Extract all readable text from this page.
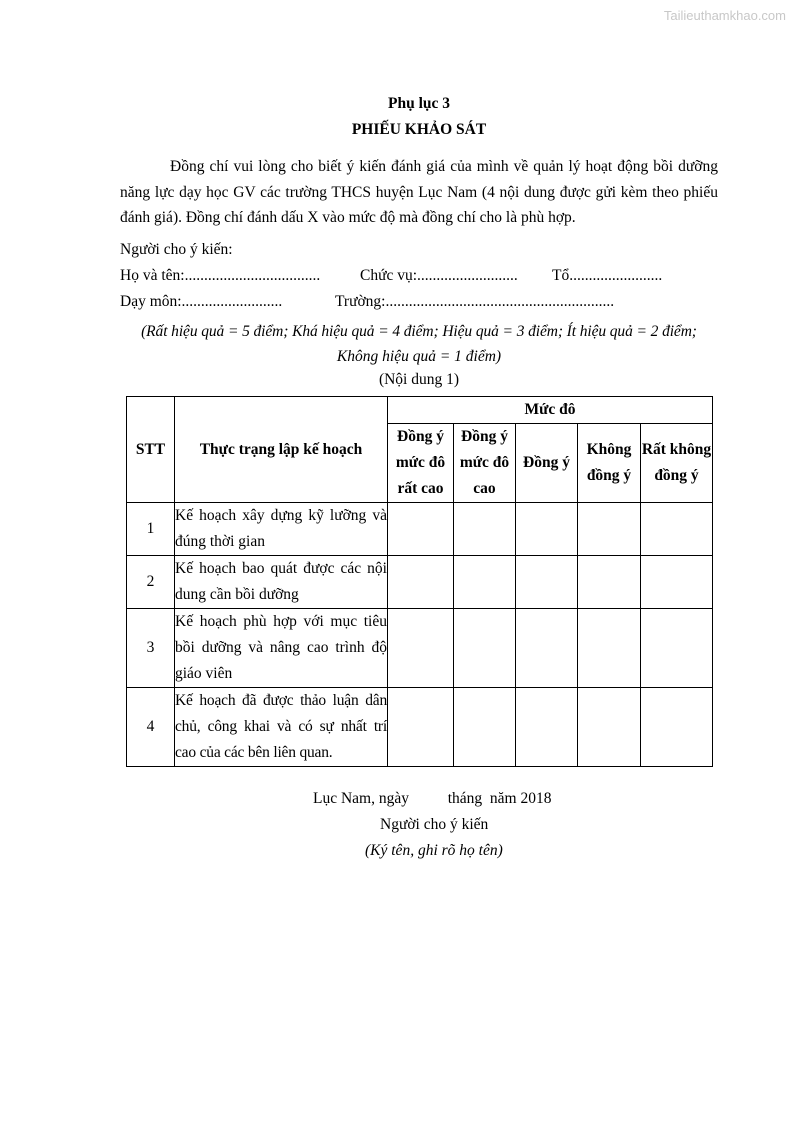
Tailieuthamkhao.com
Phụ lục 3
PHIẾU KHẢO SÁT

Đồng chí vui lòng cho biết ý kiến đánh giá của mình về quản lý hoạt động bồi dưỡng năng lực dạy học GV các trường THCS huyện Lục Nam (4 nội dung được gửi kèm theo phiếu đánh giá). Đồng chí đánh dấu X vào mức độ mà đồng chí cho là phù hợp.

Người cho ý kiến:
Họ và tên:...................................	Chức vụ:.......................... Tổ........................
Dạy môn:..........................	Trường:...........................................................
(Rất hiệu quả = 5 điểm; Khá hiệu quả = 4 điểm; Hiệu quả = 3 điểm; Ít hiệu quả = 2 điểm;
Không hiệu quả = 1 điểm)
(Nội dung 1)
STT	Thực trạng lập kế hoạch	Mức đô				
		Đồng ý mức đô rất cao	Đồng ý mức đô cao	Đồng ý	Không đồng ý	Rất không đồng ý
1	Kế hoạch xây dựng kỹ lưỡng và đúng thời gian					
2	Kế hoạch bao quát được các nội dung cần bồi dưỡng					
3	Kế hoạch phù hợp với mục tiêu bồi dưỡng và nâng cao trình độ giáo viên					
4	Kế hoạch đã được thảo luận dân chủ, công khai và có sự nhất trí cao của các bên liên quan.					
Lục Nam, ngày          tháng  năm 2018
Người cho ý kiến
(Ký tên, ghi rõ họ tên)
